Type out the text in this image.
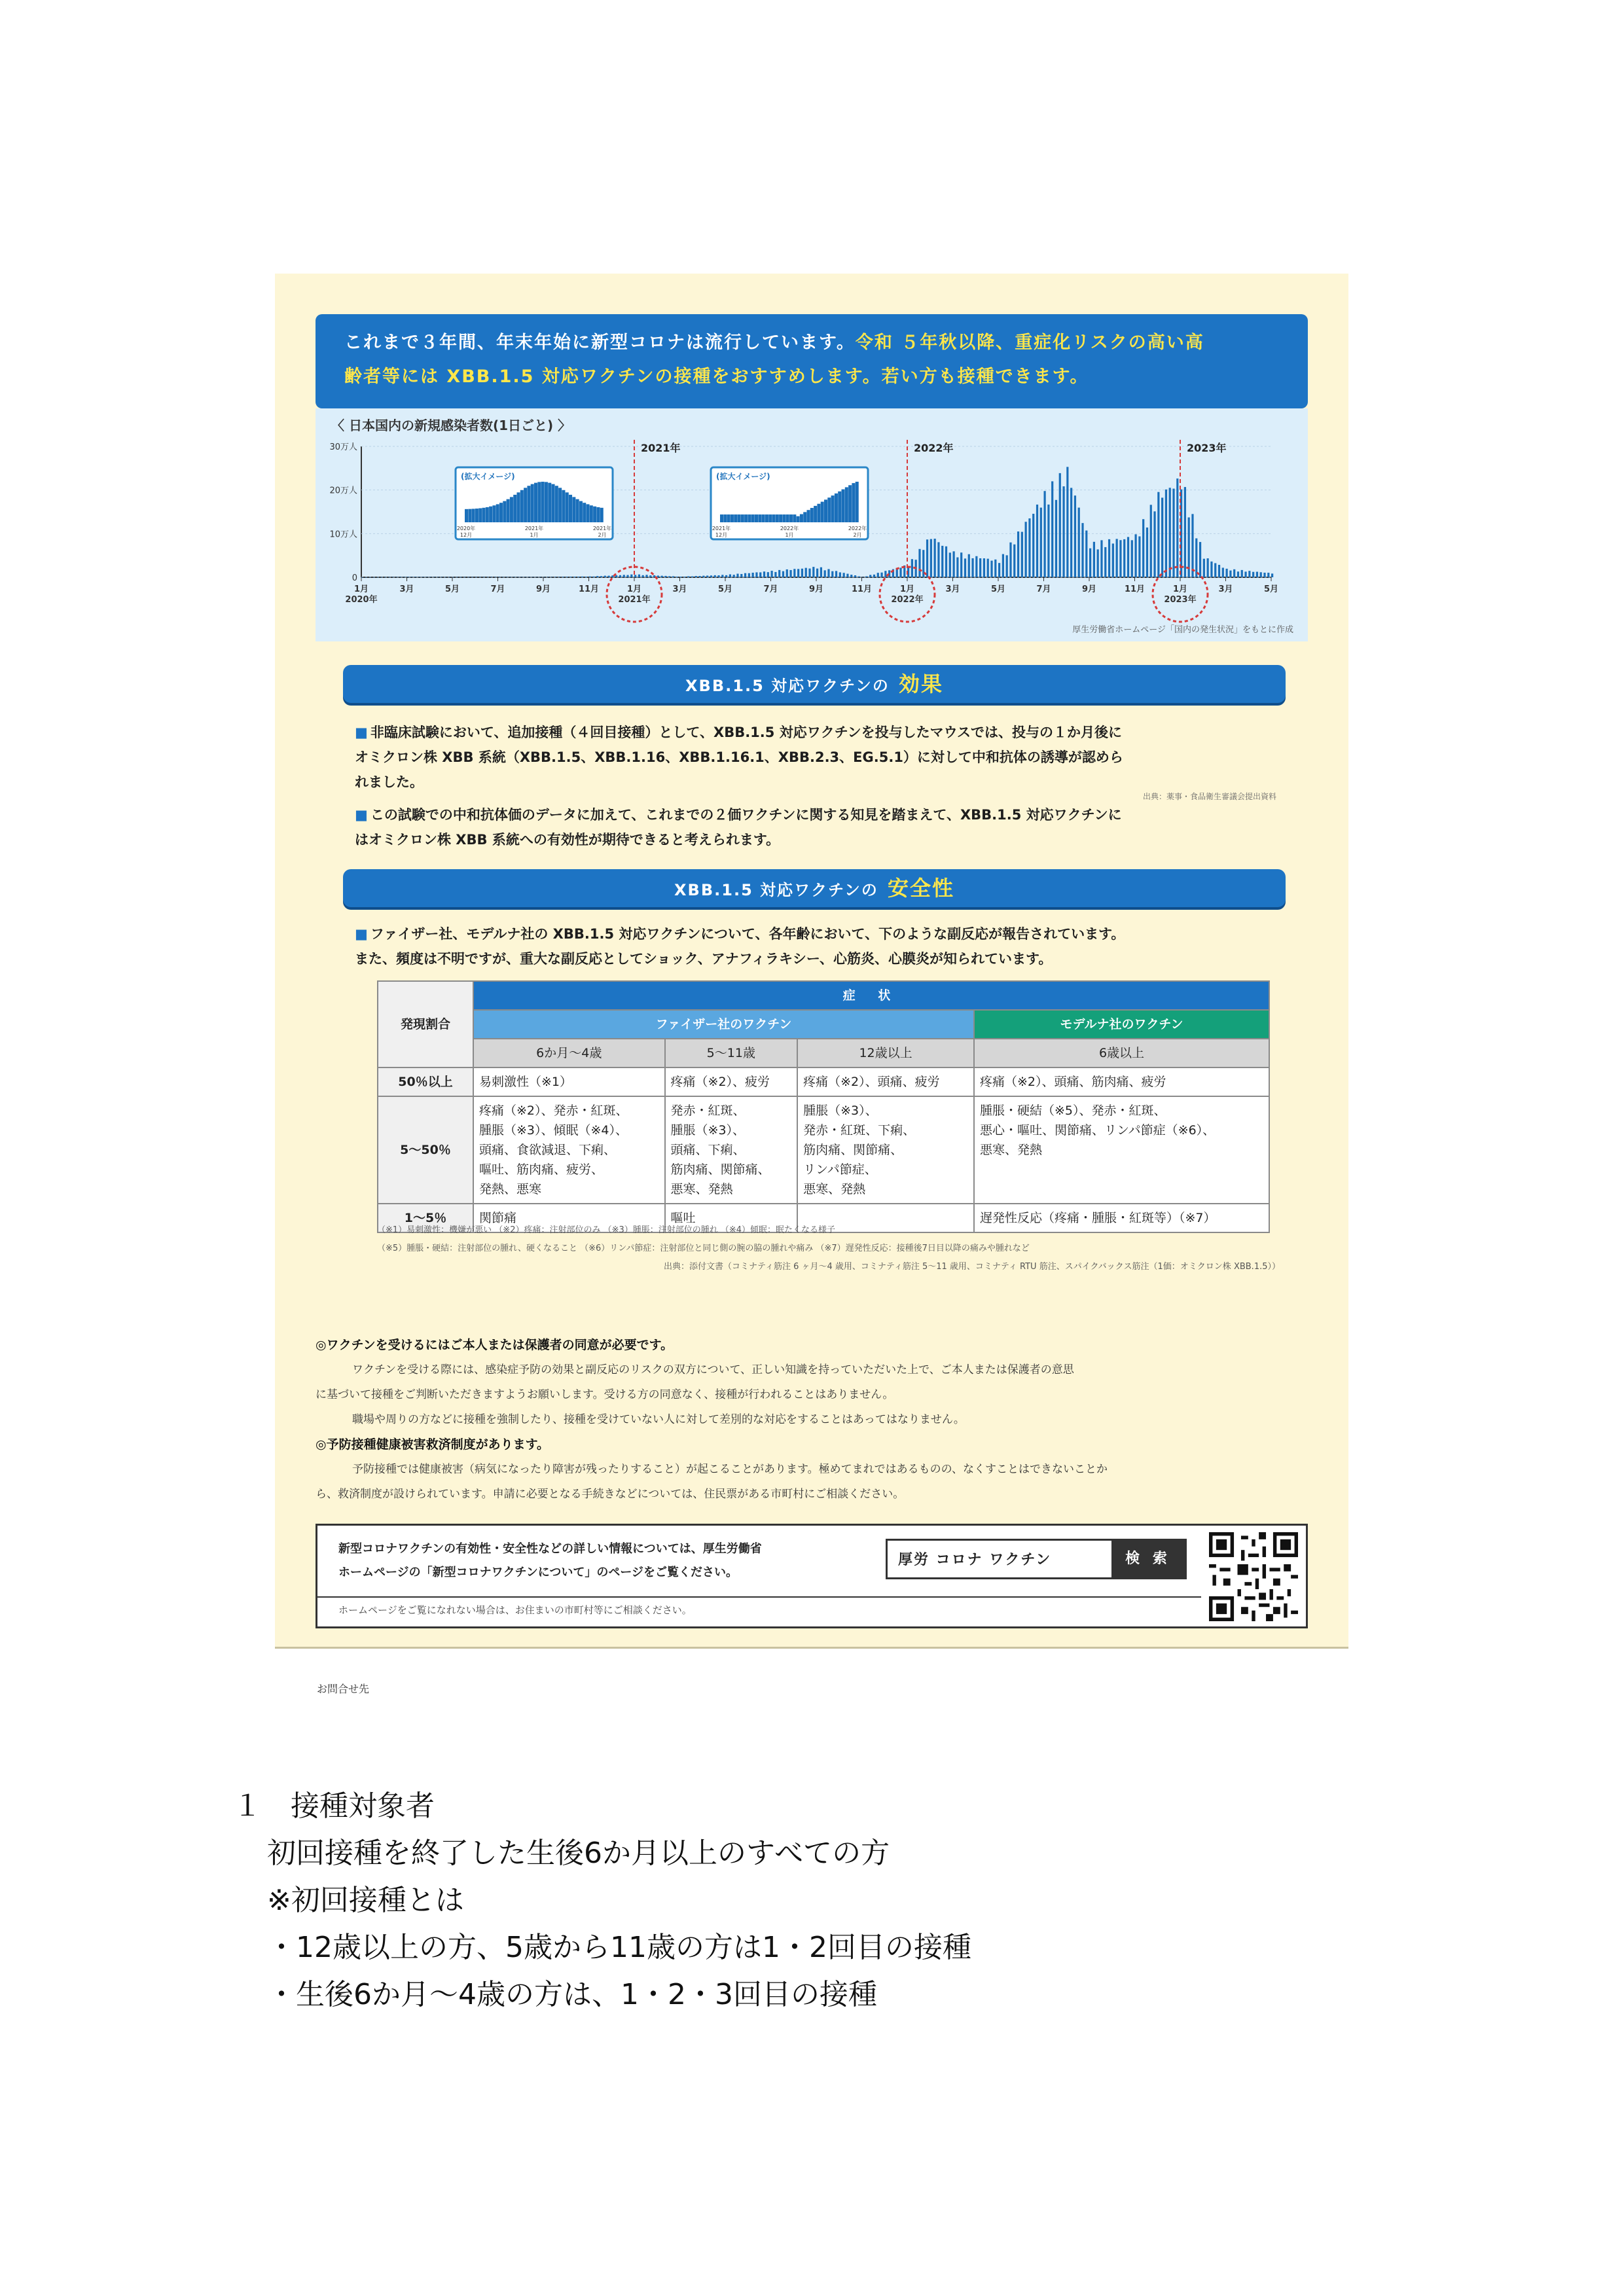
これまで３年間、年末年始に新型コロナは流行しています。令和 ５年秋以降、重症化リスクの高い高
齢者等には XBB.1.5 対応ワクチンの接種をおすすめします。若い方も接種できます。
0
10万人
20万人
30万人
1月
2020年
3月	5月	7月	9月	11月	1月
2021年
3月	5月	7月	9月	11月	1月
2022年
3月	5月	7月	9月	11月	1月
2023年
3月	5月
(拡大イメージ)
2020年
12月
2021年
1月
2021年
2月
(拡大イメージ)
2021年
12月
2022年
1月
2022年
2月
2021年	2022年	2023年
〈 日本国内の新規感染者数(1日ごと) 〉
厚生労働省ホームページ「国内の発生状況」をもとに作成
XBB.1.5 対応ワクチンの 効果
■ 非臨床試験において、追加接種（４回目接種）として、XBB.1.5 対応ワクチンを投与したマウスでは、投与の１か月後に
オミクロン株 XBB 系統（XBB.1.5、XBB.1.16、XBB.1.16.1、XBB.2.3、EG.5.1）に対して中和抗体の誘導が認めら
れました。
出典：薬事・食品衛生審議会提出資料
■ この試験での中和抗体価のデータに加えて、これまでの２価ワクチンに関する知見を踏まえて、XBB.1.5 対応ワクチンに
はオミクロン株 XBB 系統への有効性が期待できると考えられます。
XBB.1.5 対応ワクチンの 安全性
■ ファイザー社、モデルナ社の XBB.1.5 対応ワクチンについて、各年齢において、下のような副反応が報告されています。
また、頻度は不明ですが、重大な副反応としてショック、アナフィラキシー、心筋炎、心膜炎が知られています。
発現割合	症 状			
	ファイザー社のワクチン			モデルナ社のワクチン
	6か月～4歳	5～11歳	12歳以上	6歳以上
50％以上	易刺激性（※1）	疼痛（※2）、疲労	疼痛（※2）、頭痛、疲労	疼痛（※2）、頭痛、筋肉痛、疲労
5～50％	疼痛（※2）、発赤・紅斑、
腫脹（※3）、傾眠（※4）、
頭痛、食欲減退、下痢、
嘔吐、筋肉痛、疲労、
発熱、悪寒	発赤・紅斑、
腫脹（※3）、
頭痛、下痢、
筋肉痛、関節痛、
悪寒、発熱	腫脹（※3）、
発赤・紅斑、下痢、
筋肉痛、関節痛、
リンパ節症、
悪寒、発熱	腫脹・硬結（※5）、発赤・紅斑、
悪心・嘔吐、関節痛、リンパ節症（※6）、
悪寒、発熱
1～5％	関節痛	嘔吐		遅発性反応（疼痛・腫脹・紅斑等）（※7）
（※1）易刺激性：機嫌が悪い （※2）疼痛：注射部位のみ （※3）腫脹：注射部位の腫れ （※4）傾眠：眠たくなる様子
（※5）腫脹・硬結：注射部位の腫れ、硬くなること （※6）リンパ節症：注射部位と同じ側の腕の脇の腫れや痛み （※7）遅発性反応：接種後7日目以降の痛みや腫れなど
出典：添付文書（コミナティ筋注 6 ヶ月～4 歳用、コミナティ筋注 5～11 歳用、コミナティ RTU 筋注、スパイクバックス筋注（1価：オミクロン株 XBB.1.5））
◎ワクチンを受けるにはご本人または保護者の同意が必要です。
ワクチンを受ける際には、感染症予防の効果と副反応のリスクの双方について、正しい知識を持っていただいた上で、ご本人または保護者の意思
に基づいて接種をご判断いただきますようお願いします。受ける方の同意なく、接種が行われることはありません。
職場や周りの方などに接種を強制したり、接種を受けていない人に対して差別的な対応をすることはあってはなりません。
◎予防接種健康被害救済制度があります。
予防接種では健康被害（病気になったり障害が残ったりすること）が起こることがあります。極めてまれではあるものの、なくすことはできないことか
ら、救済制度が設けられています。申請に必要となる手続きなどについては、住民票がある市町村にご相談ください。
新型コロナワクチンの有効性・安全性などの詳しい情報については、厚生労働省
ホームページの「新型コロナワクチンについて」のページをご覧ください。
厚労 コロナ ワクチン	検 索
ホームページをご覧になれない場合は、お住まいの市町村等にご相談ください。
お問合せ先
１　接種対象者
初回接種を終了した生後6か月以上のすべての方
※初回接種とは
・12歳以上の方、5歳から11歳の方は1・2回目の接種
・生後6か月～4歳の方は、1・2・3回目の接種
